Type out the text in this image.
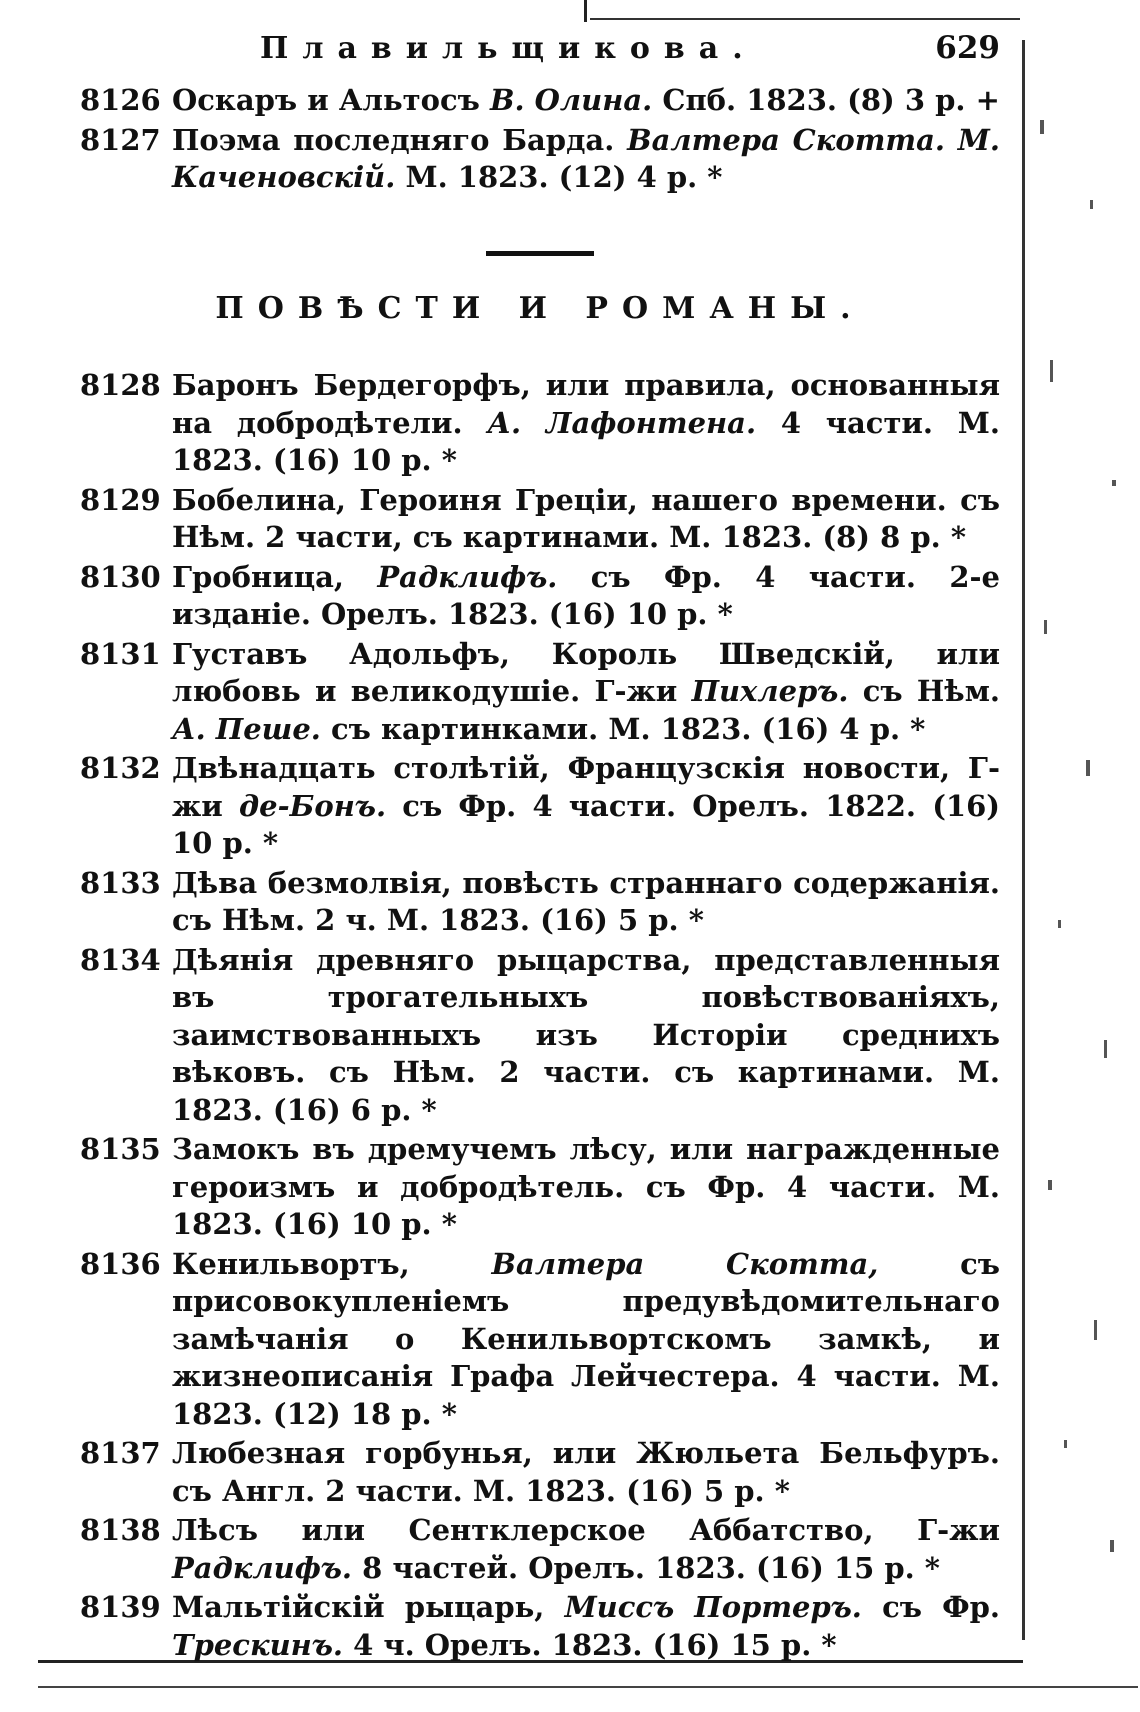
Плавильщикова.	629
8126 Оскаръ и Альтосъ В. Олина. Спб. 1823. (8) 3 р. +
8127 Поэма последняго Барда. Валтера Скотта. М. Каченовскій. М. 1823. (12) 4 р. *
ПОВѢСТИ И РОМАНЫ.
8128 Баронъ Бердегорфъ, или правила, основанныя на добродѣтели. А. Лафонтена. 4 части. М. 1823. (16) 10 р. *
8129 Бобелина, Героиня Греціи, нашего времени. съ Нѣм. 2 части, съ картинами. М. 1823. (8) 8 р. *
8130 Гробница, Радклифъ. съ Фр. 4 части. 2-е изданіе. Орелъ. 1823. (16) 10 р. *
8131 Густавъ Адольфъ, Король Шведскій, или любовь и великодушіе. Г-жи Пихлеръ. съ Нѣм. А. Пеше. съ картинками. М. 1823. (16) 4 р. *
8132 Двѣнадцать столѣтій, Французскія новости, Г-жи де-Бонъ. съ Фр. 4 части. Орелъ. 1822. (16) 10 р. *
8133 Дѣва безмолвія, повѣсть страннаго содержанія. съ Нѣм. 2 ч. М. 1823. (16) 5 р. *
8134 Дѣянія древняго рыцарства, представленныя въ трогательныхъ повѣствованіяхъ, заимствованныхъ изъ Исторіи среднихъ вѣковъ. съ Нѣм. 2 части. съ картинами. М. 1823. (16) 6 р. *
8135 Замокъ въ дремучемъ лѣсу, или награжденные героизмъ и добродѣтель. съ Фр. 4 части. М. 1823. (16) 10 р. *
8136 Кенильвортъ, Валтера Скотта, съ присовокупленіемъ предувѣдомительнаго замѣчанія о Кенильвортскомъ замкѣ, и жизнеописанія Графа Лейчестера. 4 части. М. 1823. (12) 18 р. *
8137 Любезная горбунья, или Жюльета Бельфуръ. съ Англ. 2 части. М. 1823. (16) 5 р. *
8138 Лѣсъ или Сентклерское Аббатство, Г-жи Радклифъ. 8 частей. Орелъ. 1823. (16) 15 р. *
8139 Мальтійскій рыцарь, Миссъ Портеръ. съ Фр. Трескинъ. 4 ч. Орелъ. 1823. (16) 15 р. *
